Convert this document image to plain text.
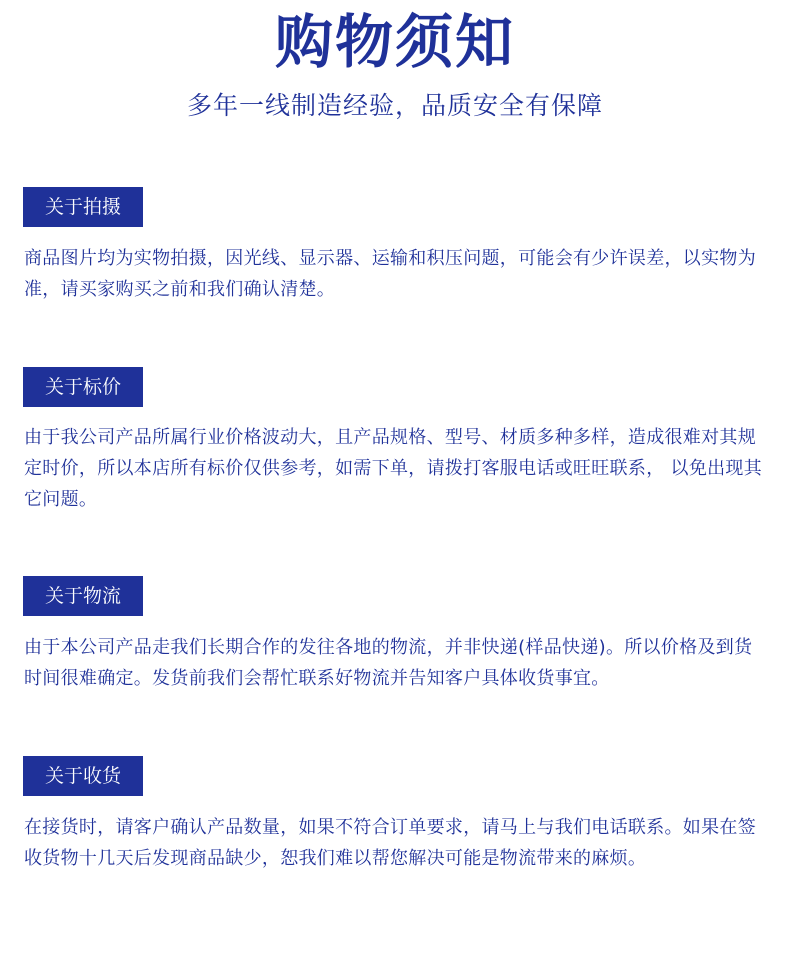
购物须知
多年一线制造经验，品质安全有保障
关于拍摄
商品图片均为实物拍摄，因光线、显示器、运输和积压问题，可能会有少许误差，以实物为准，请买家购买之前和我们确认清楚。
关于标价
由于我公司产品所属行业价格波动大，且产品规格、型号、材质多种多样，造成很难对其规定时价，所以本店所有标价仅供参考，如需下单，请拨打客服电话或旺旺联系， 以免出现其它问题。
关于物流
由于本公司产品走我们长期合作的发往各地的物流，并非快递(样品快递)。所以价格及到货时间很难确定。发货前我们会帮忙联系好物流并告知客户具体收货事宜。
关于收货
在接货时，请客户确认产品数量，如果不符合订单要求，请马上与我们电话联系。如果在签收货物十几天后发现商品缺少，恕我们难以帮您解决可能是物流带来的麻烦。
